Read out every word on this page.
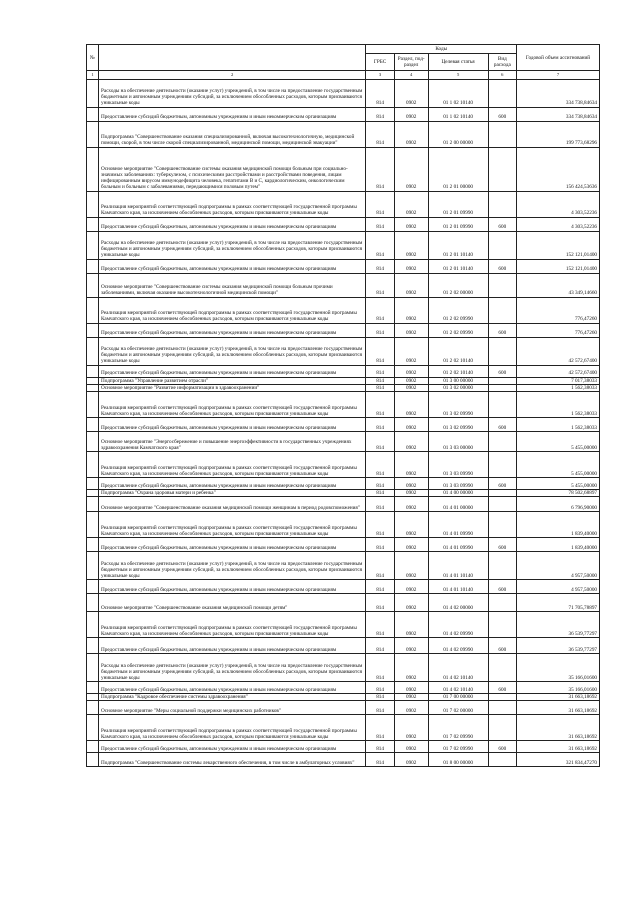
№		Коды				Годовой объем ассигнований
		ГРБС	Раздел, под-раздел	Целевая статья	Вид расхода	
1	2	3	4	5	6	7
	Расходы на обеспечение деятельности (оказание услуг) учреждений, в том числе на предоставление государственным бюджетным и автономным учреждениям субсидий, за исключением обособленных расходов, которым присваиваются уникальные коды	814	0902	01 1 02 10140		334 738,84634
	Предоставление субсидий бюджетным, автономным учреждениям и иным некоммерческим организациям	814	0902	01 1 02 10140	600	334 738,84634
	Подпрограмма "Совершенствование оказания специализированной, включая высокотехнологичную, медицинской помощи, скорой, в том числе скорой специализированной, медицинской помощи, медицинской эвакуации"	814	0902	01 2 00 00000		199 773,68296
	Основное мероприятие "Совершенствование системы оказания медицинской помощи больным при социально-значимых заболеваниях: туберкулезом, с психическими расстройствами и расстройствами поведения, лицам инфицированным вирусом иммунодефицита человека, гепатитами В и С, кардиологическим, онкологическим больным и больным с заболеваниями, передающимися половым путем"	814	0902	01 2 01 00000		156 424,53636
	Реализация мероприятий соответствующей подпрограммы в рамках соответствующей государственной программы Камчатского края, за исключением обособленных расходов, которым присваиваются уникальные коды	814	0902	01 2 01 09990		4 303,52236
	Предоставление субсидий бюджетным, автономным учреждениям и иным некоммерческим организациям	814	0902	01 2 01 09990	600	4 303,52236
	Расходы на обеспечение деятельности (оказание услуг) учреждений, в том числе на предоставление государственным бюджетным и автономным учреждениям субсидий, за исключением обособленных расходов, которым присваиваются уникальные коды	814	0902	01 2 01 10140		152 121,01400
	Предоставление субсидий бюджетным, автономным учреждениям и иным некоммерческим организациям	814	0902	01 2 01 10140	600	152 121,01400
	Основное мероприятие "Совершенствование системы оказания медицинской помощи больным прочими заболеваниями, включая оказание высокотехнологичной медицинской помощи"	814	0902	01 2 02 00000		43 349,14660
	Реализация мероприятий соответствующей подпрограммы в рамках соответствующей государственной программы Камчатского края, за исключением обособленных расходов, которым присваиваются уникальные коды	814	0902	01 2 02 09990		776,47260
	Предоставление субсидий бюджетным, автономным учреждениям и иным некоммерческим организациям	814	0902	01 2 02 09990	600	776,47260
	Расходы на обеспечение деятельности (оказание услуг) учреждений, в том числе на предоставление государственным бюджетным и автономным учреждениям субсидий, за исключением обособленных расходов, которым присваиваются уникальные коды	814	0902	01 2 02 10140		42 572,67400
	Предоставление субсидий бюджетным, автономным учреждениям и иным некоммерческим организациям	814	0902	01 2 02 10140	600	42 572,67400
	Подпрограмма "Управление развитием отрасли"	814	0902	01 3 00 00000		7 017,38033
	Основное мероприятие "Развитие информатизации в здравоохранении"	814	0902	01 3 02 00000		1 562,38033
	Реализация мероприятий соответствующей подпрограммы в рамках соответствующей государственной программы Камчатского края, за исключением обособленных расходов, которым присваиваются уникальные коды	814	0902	01 3 02 09990		1 562,38033
	Предоставление субсидий бюджетным, автономным учреждениям и иным некоммерческим организациям	814	0902	01 3 02 09990	600	1 562,38033
	Основное мероприятие "Энергосбережение и повышение энергоэффективности в государственных учреждениях здравоохранения Камчатского края"	814	0902	01 3 03 00000		5 455,00000
	Реализация мероприятий соответствующей подпрограммы в рамках соответствующей государственной программы Камчатского края, за исключением обособленных расходов, которым присваиваются уникальные коды	814	0902	01 3 03 09990		5 455,00000
	Предоставление субсидий бюджетным, автономным учреждениям и иным некоммерческим организациям	814	0902	01 3 03 09990	600	5 455,00000
	Подпрограмма "Охрана здоровья матери и ребенка"	814	0902	01 4 00 00000		78 502,68897
	Основное мероприятие "Совершенствование оказания медицинской помощи женщинам в период родовспоможения"	814	0902	01 4 01 00000		6 796,90000
	Реализация мероприятий соответствующей подпрограммы в рамках соответствующей государственной программы Камчатского края, за исключением обособленных расходов, которым присваиваются уникальные коды	814	0902	01 4 01 09990		1 839,40000
	Предоставление субсидий бюджетным, автономным учреждениям и иным некоммерческим организациям	814	0902	01 4 01 09990	600	1 839,40000
	Расходы на обеспечение деятельности (оказание услуг) учреждений, в том числе на предоставление государственным бюджетным и автономным учреждениям субсидий, за исключением обособленных расходов, которым присваиваются уникальные коды	814	0902	01 4 01 10140		4 957,50000
	Предоставление субсидий бюджетным, автономным учреждениям и иным некоммерческим организациям	814	0902	01 4 01 10140	600	4 957,50000
	Основное мероприятие "Совершенствование оказания медицинской помощи детям"	814	0902	01 4 02 00000		71 705,78897
	Реализация мероприятий соответствующей подпрограммы в рамках соответствующей государственной программы Камчатского края, за исключением обособленных расходов, которым присваиваются уникальные коды	814	0902	01 4 02 09990		36 539,77297
	Предоставление субсидий бюджетным, автономным учреждениям и иным некоммерческим организациям	814	0902	01 4 02 09990	600	36 539,77297
	Расходы на обеспечение деятельности (оказание услуг) учреждений, в том числе на предоставление государственным бюджетным и автономным учреждениям субсидий, за исключением обособленных расходов, которым присваиваются уникальные коды	814	0902	01 4 02 10140		35 166,01600
	Предоставление субсидий бюджетным, автономным учреждениям и иным некоммерческим организациям	814	0902	01 4 02 10140	600	35 166,01600
	Подпрограмма "Кадровое обеспечение системы здравоохранения"	814	0902	01 7 00 00000		31 663,18692
	Основное мероприятие "Меры социальной поддержки медицинских работников"	814	0902	01 7 02 00000		31 663,18692
	Реализация мероприятий соответствующей подпрограммы в рамках соответствующей государственной программы Камчатского края, за исключением обособленных расходов, которым присваиваются уникальные коды	814	0902	01 7 02 09990		31 663,18692
	Предоставление субсидий бюджетным, автономным учреждениям и иным некоммерческим организациям	814	0902	01 7 02 09990	600	31 663,18692
	Подпрограмма "Совершенствование системы лекарственного обеспечения, в том числе в амбулаторных условиях"	814	0902	01 8 00 00000		321 834,47270
